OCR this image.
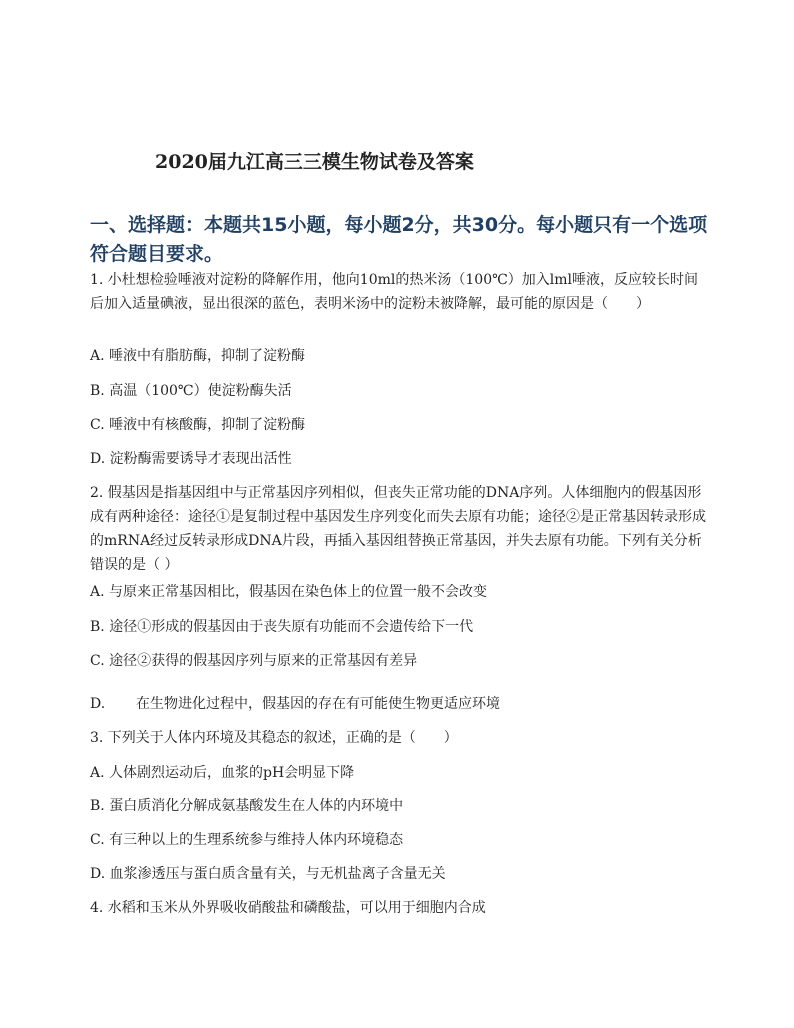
2020届九江高三三模生物试卷及答案
一、选择题：本题共15小题，每小题2分，共30分。每小题只有一个选项符合题目要求。
1. 小杜想检验唾液对淀粉的降解作用，他向10ml的热米汤（100℃）加入lml唾液，反应较长时间后加入适量碘液，显出很深的蓝色，表明米汤中的淀粉未被降解，最可能的原因是（　　）
A. 唾液中有脂肪酶，抑制了淀粉酶
B. 高温（100℃）使淀粉酶失活
C. 唾液中有核酸酶，抑制了淀粉酶
D. 淀粉酶需要诱导才表现出活性
2. 假基因是指基因组中与正常基因序列相似，但丧失正常功能的DNA序列。人体细胞内的假基因形成有两种途径：途径①是复制过程中基因发生序列变化而失去原有功能；途径②是正常基因转录形成的mRNA经过反转录形成DNA片段，再插入基因组替换正常基因，并失去原有功能。下列有关分析错误的是（ ）
A. 与原来正常基因相比，假基因在染色体上的位置一般不会改变
B. 途径①形成的假基因由于丧失原有功能而不会遗传给下一代
C. 途径②获得的假基因序列与原来的正常基因有差异
D. 在生物进化过程中，假基因的存在有可能使生物更适应环境
3. 下列关于人体内环境及其稳态的叙述，正确的是（　　）
A. 人体剧烈运动后，血浆的pH会明显下降
B. 蛋白质消化分解成氨基酸发生在人体的内环境中
C. 有三种以上的生理系统参与维持人体内环境稳态
D. 血浆渗透压与蛋白质含量有关，与无机盐离子含量无关
4. 水稻和玉米从外界吸收硝酸盐和磷酸盐，可以用于细胞内合成
